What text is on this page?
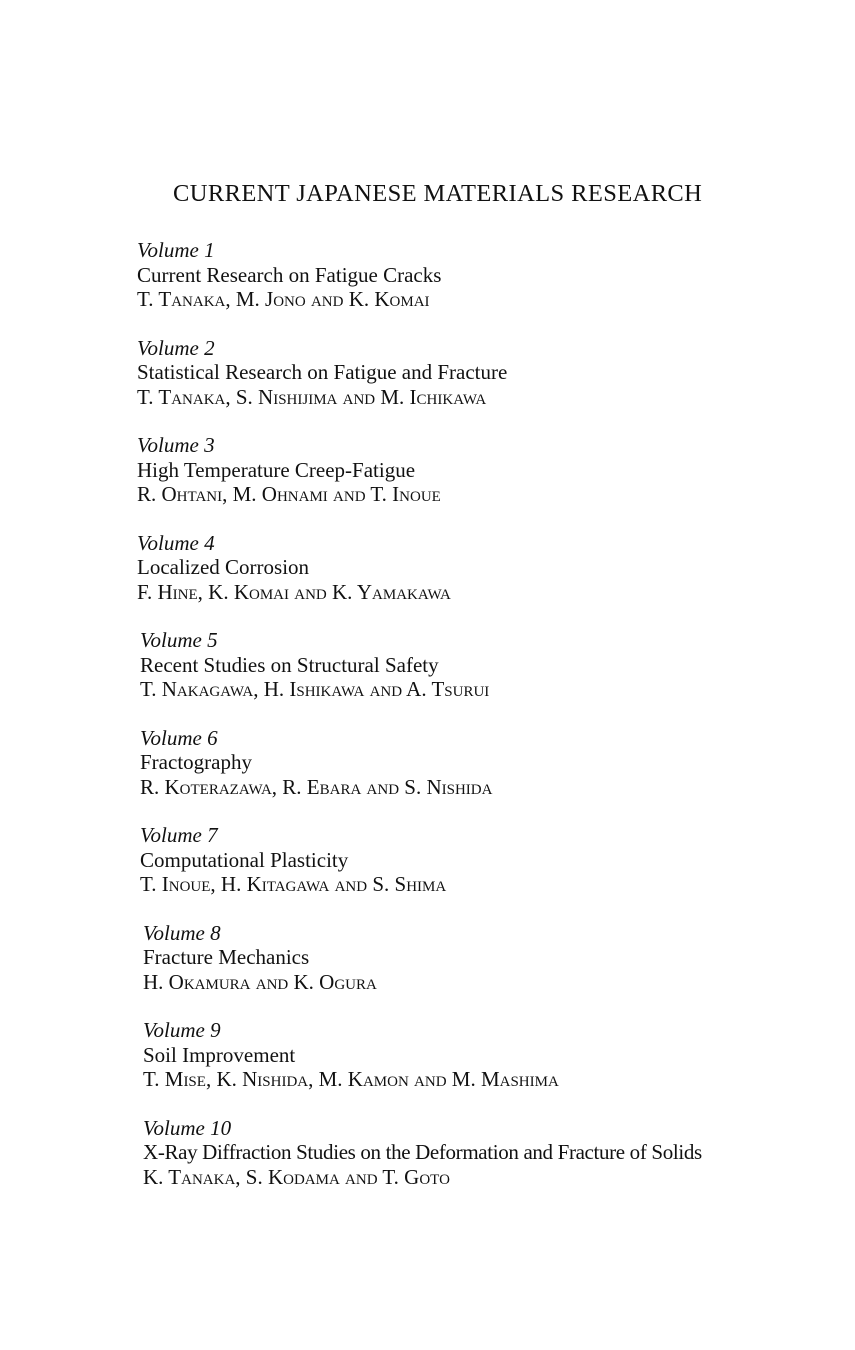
CURRENT JAPANESE MATERIALS RESEARCH
Volume 1
Current Research on Fatigue Cracks
T. Tanaka, M. Jono and K. Komai
Volume 2
Statistical Research on Fatigue and Fracture
T. Tanaka, S. Nishijima and M. Ichikawa
Volume 3
High Temperature Creep-Fatigue
R. Ohtani, M. Ohnami and T. Inoue
Volume 4
Localized Corrosion
F. Hine, K. Komai and K. Yamakawa
Volume 5
Recent Studies on Structural Safety
T. Nakagawa, H. Ishikawa and A. Tsurui
Volume 6
Fractography
R. Koterazawa, R. Ebara and S. Nishida
Volume 7
Computational Plasticity
T. Inoue, H. Kitagawa and S. Shima
Volume 8
Fracture Mechanics
H. Okamura and K. Ogura
Volume 9
Soil Improvement
T. Mise, K. Nishida, M. Kamon and M. Mashima
Volume 10
X-Ray Diffraction Studies on the Deformation and Fracture of Solids
K. Tanaka, S. Kodama and T. Goto
